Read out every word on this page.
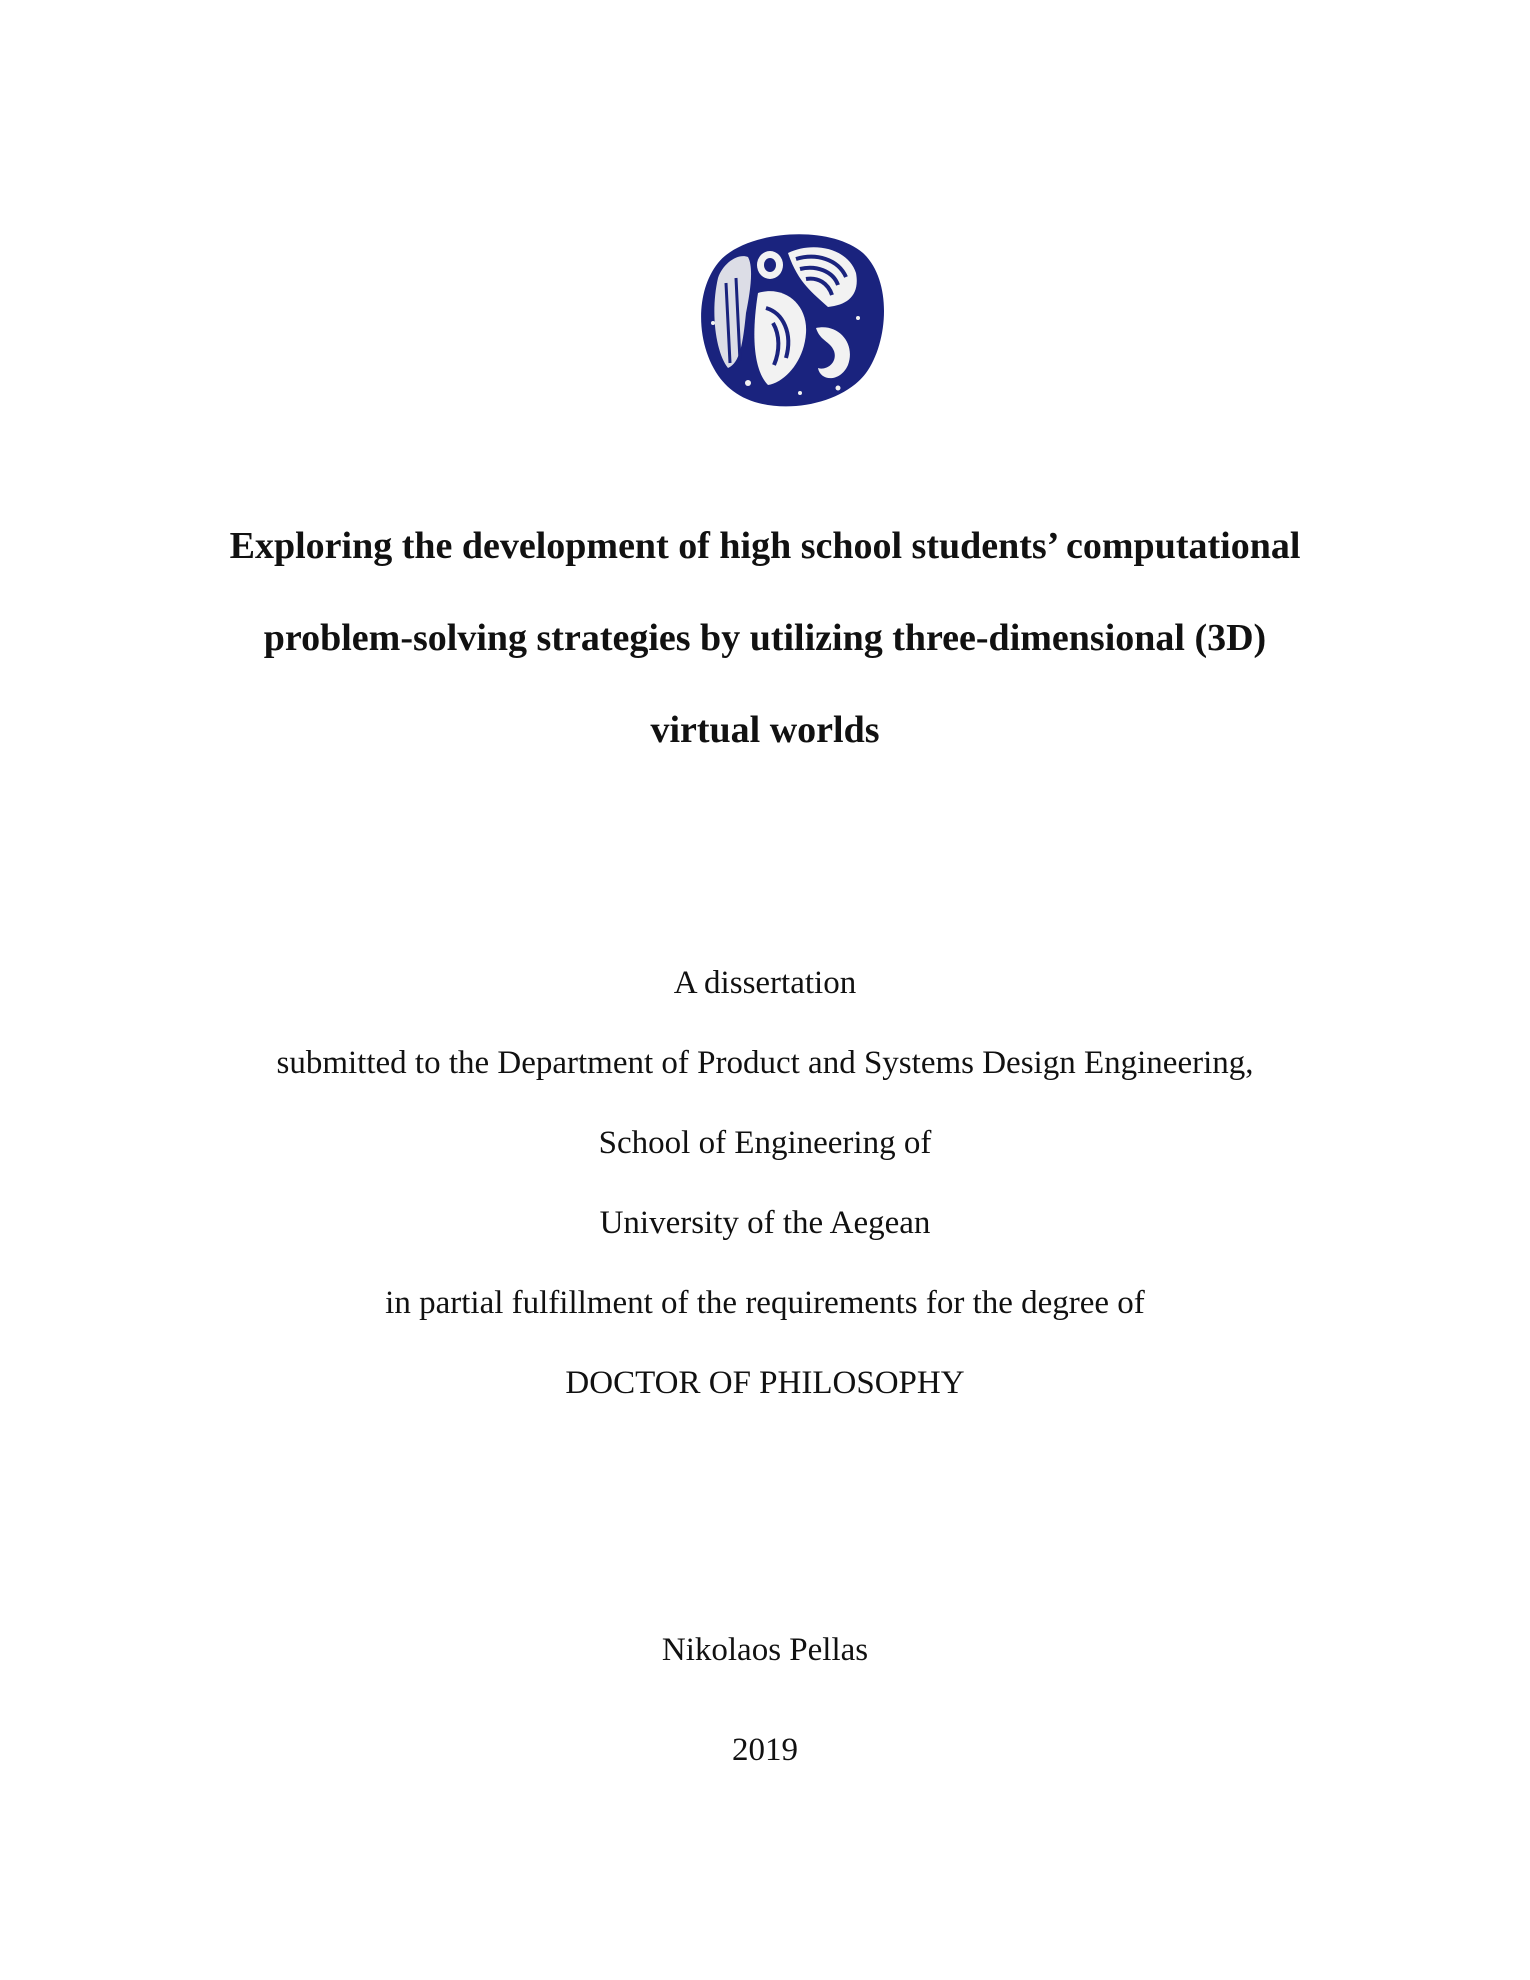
Exploring the development of high school students’ computational

problem-solving strategies by utilizing three-dimensional (3D)

virtual worlds

A dissertation

submitted to the Department of Product and Systems Design Engineering,

School of Engineering of

University of the Aegean

in partial fulfillment of the requirements for the degree of

DOCTOR OF PHILOSOPHY

Nikolaos Pellas

2019
